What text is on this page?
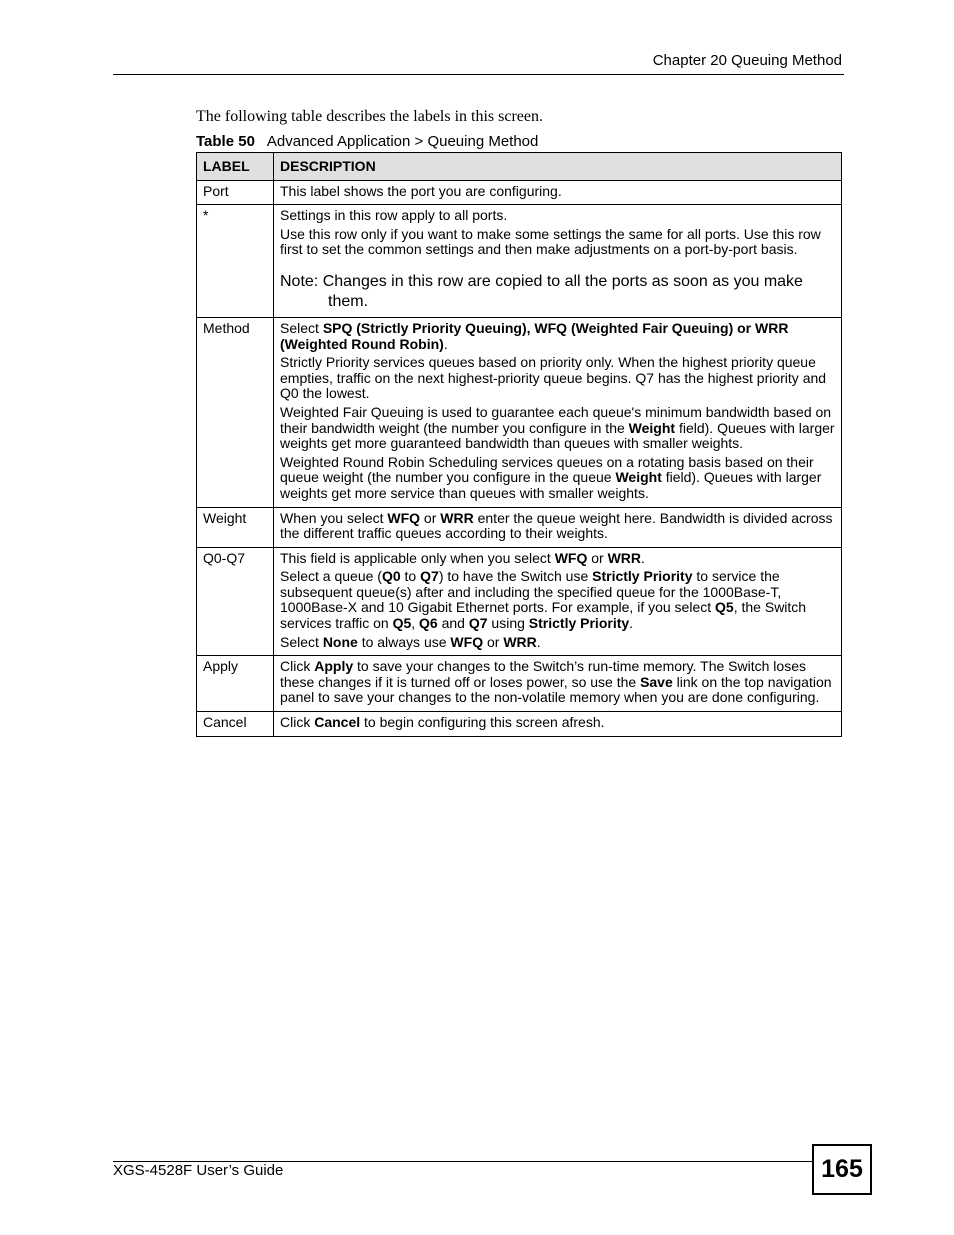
Chapter 20 Queuing Method
The following table describes the labels in this screen.
Table 50 Advanced Application > Queuing Method
LABEL	DESCRIPTION
Port	This label shows the port you are configuring.

*	Settings in this row apply to all ports.

Use this row only if you want to make some settings the same for all ports. Use this row first to set the common settings and then make adjustments on a port-by-port basis.

Note: Changes in this row are copied to all the ports as soon as you make them.

Method	Select SPQ (Strictly Priority Queuing), WFQ (Weighted Fair Queuing) or WRR (Weighted Round Robin).

Strictly Priority services queues based on priority only. When the highest priority queue empties, traffic on the next highest-priority queue begins. Q7 has the highest priority and Q0 the lowest.

Weighted Fair Queuing is used to guarantee each queue's minimum bandwidth based on their bandwidth weight (the number you configure in the Weight field). Queues with larger weights get more guaranteed bandwidth than queues with smaller weights.

Weighted Round Robin Scheduling services queues on a rotating basis based on their queue weight (the number you configure in the queue Weight field). Queues with larger weights get more service than queues with smaller weights.

Weight	When you select WFQ or WRR enter the queue weight here. Bandwidth is divided across the different traffic queues according to their weights.

Q0-Q7	This field is applicable only when you select WFQ or WRR.

Select a queue (Q0 to Q7) to have the Switch use Strictly Priority to service the subsequent queue(s) after and including the specified queue for the 1000Base-T, 1000Base-X and 10 Gigabit Ethernet ports. For example, if you select Q5, the Switch services traffic on Q5, Q6 and Q7 using Strictly Priority.

Select None to always use WFQ or WRR.

Apply	Click Apply to save your changes to the Switch’s run-time memory. The Switch loses these changes if it is turned off or loses power, so use the Save link on the top navigation panel to save your changes to the non-volatile memory when you are done configuring.

Cancel	Click Cancel to begin configuring this screen afresh.

XGS-4528F User’s Guide	165
